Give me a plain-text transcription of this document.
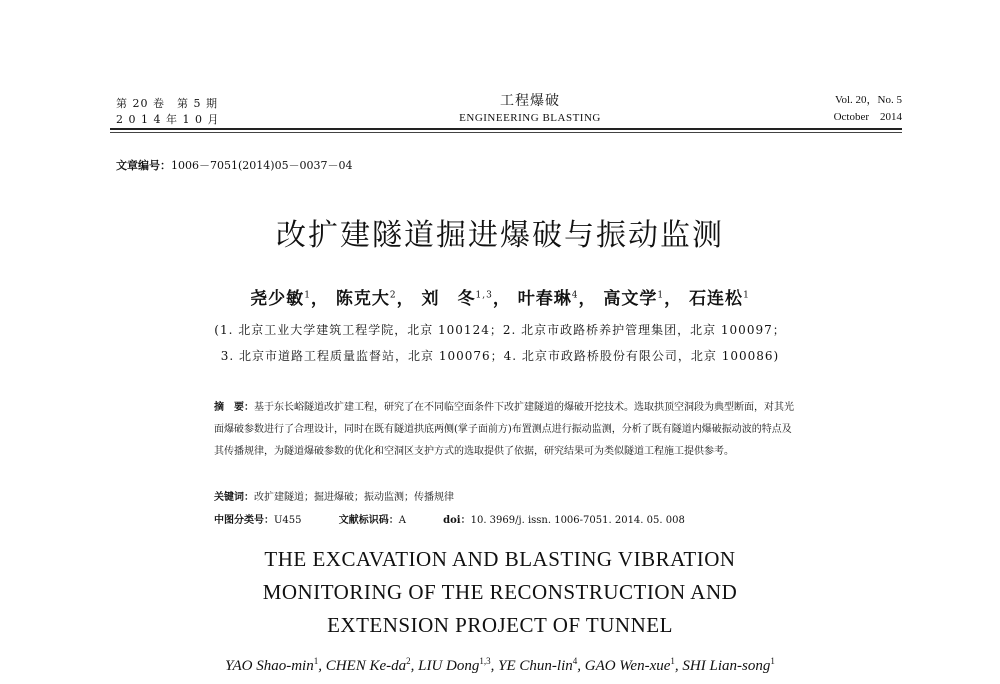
第 20 卷　第 5 期
2 0 1 4 年 1 0 月
工程爆破
ENGINEERING BLASTING
Vol. 20，No. 5
October　2014
文章编号：1006－7051(2014)05－0037－04
改扩建隧道掘进爆破与振动监测
尧少敏$^1$， 陈克大$^2$， 刘　冬$^{1,3}$， 叶春琳$^4$， 高文学$^1$， 石连松$^1$
(1. 北京工业大学建筑工程学院，北京 100124；2. 北京市政路桥养护管理集团，北京 100097；
3. 北京市道路工程质量监督站，北京 100076；4. 北京市政路桥股份有限公司，北京 100086)
摘　要：基于东长峪隧道改扩建工程，研究了在不同临空面条件下改扩建隧道的爆破开挖技术。选取拱顶空洞段为典型断面，对其光面爆破参数进行了合理设计，同时在既有隧道拱底两侧(掌子面前方)布置测点进行振动监测，分析了既有隧道内爆破振动波的特点及其传播规律，为隧道爆破参数的优化和空洞区支护方式的选取提供了依据，研究结果可为类似隧道工程施工提供参考。
关键词：改扩建隧道；掘进爆破；振动监测；传播规律
中图分类号：U455	文献标识码：A	doi：10. 3969/j. issn. 1006-7051. 2014. 05. 008
THE EXCAVATION AND BLASTING VIBRATION
MONITORING OF THE RECONSTRUCTION AND
EXTENSION PROJECT OF TUNNEL
YAO Shao-$\min^1$, CHEN $Ke-da^2$, LIU Dong$^{1,3}$, YE Chun-lin$^4$, GAO Wen-xue$^1$, SHI Lian-song$^1$
